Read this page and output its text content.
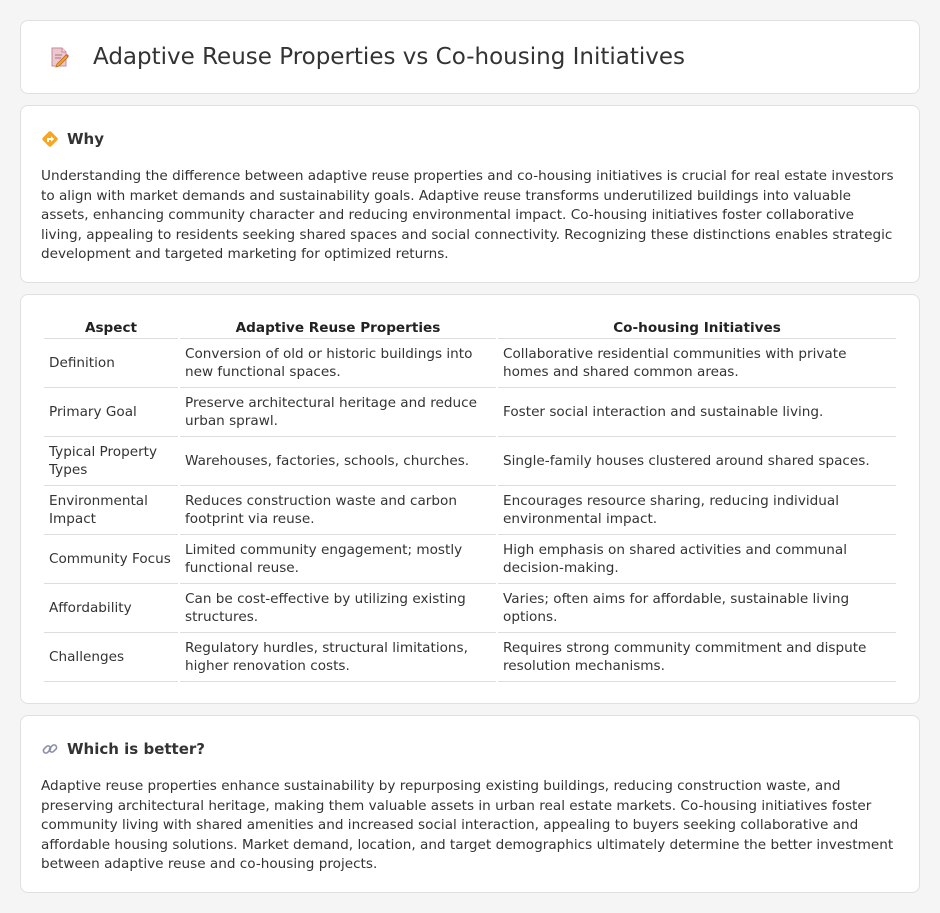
Adaptive Reuse Properties vs Co-housing Initiatives
Why

Understanding the difference between adaptive reuse properties and co-housing initiatives is crucial for real estate investors to align with market demands and sustainability goals. Adaptive reuse transforms underutilized buildings into valuable assets, enhancing community character and reducing environmental impact. Co-housing initiatives foster collaborative living, appealing to residents seeking shared spaces and social connectivity. Recognizing these distinctions enables strategic development and targeted marketing for optimized returns.

Aspect	Adaptive Reuse Properties	Co-housing Initiatives
Definition	Conversion of old or historic buildings into new functional spaces.	Collaborative residential communities with private homes and shared common areas.
Primary Goal	Preserve architectural heritage and reduce urban sprawl.	Foster social interaction and sustainable living.
Typical Property Types	Warehouses, factories, schools, churches.	Single-family houses clustered around shared spaces.
Environmental Impact	Reduces construction waste and carbon footprint via reuse.	Encourages resource sharing, reducing individual environmental impact.
Community Focus	Limited community engagement; mostly functional reuse.	High emphasis on shared activities and communal decision-making.
Affordability	Can be cost-effective by utilizing existing structures.	Varies; often aims for affordable, sustainable living options.
Challenges	Regulatory hurdles, structural limitations, higher renovation costs.	Requires strong community commitment and dispute resolution mechanisms.
Which is better?

Adaptive reuse properties enhance sustainability by repurposing existing buildings, reducing construction waste, and preserving architectural heritage, making them valuable assets in urban real estate markets. Co-housing initiatives foster community living with shared amenities and increased social interaction, appealing to buyers seeking collaborative and affordable housing solutions. Market demand, location, and target demographics ultimately determine the better investment between adaptive reuse and co-housing projects.
